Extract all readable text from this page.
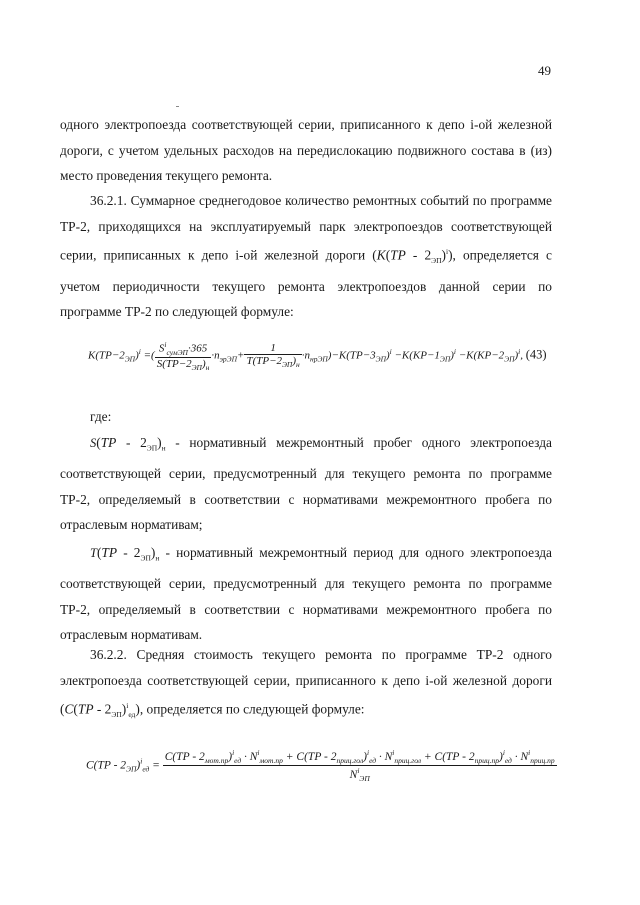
49

одного электропоезда соответствующей серии, приписанного к депо i-ой железной дороги, с учетом удельных расходов на передислокацию подвижного состава в (из) место проведения текущего ремонта.

36.2.1. Суммарное среднегодовое количество ремонтных событий по программе ТР-2, приходящихся на эксплуатируемый парк электропоездов соответствующей серии, приписанных к депо i-ой железной дороги $(K(TP - 2_{ЭП})^i)$, определяется с учетом периодичности текущего ремонта электропоездов данной серии по программе ТР-2 по следующей формуле:

$K(TP-2_{ЭП})^i$ =( $\frac{S^i_{сумЭП}\cdot 365}{S(TP-2_{ЭП})_н} \cdot n_{эрЭП}+ \frac{1}{T(TP-2_{ЭП})_н} \cdot n_{нрЭП})-K(TP-3_{ЭП})^i -K(KP-1_{ЭП})^i -K(KP-2_{ЭП})^i$, (43)

где:

$S(TP - 2_{ЭП})_н$ - нормативный межремонтный пробег одного электропоезда соответствующей серии, предусмотренный для текущего ремонта по программе ТР-2, определяемый в соответствии с нормативами межремонтного пробега по отраслевым нормативам;

$T(TP - 2_{ЭП})_н$ - нормативный межремонтный период для одного электропоезда соответствующей серии, предусмотренный для текущего ремонта по программе ТР-2, определяемый в соответствии с нормативами межремонтного пробега по отраслевым нормативам.

36.2.2. Средняя стоимость текущего ремонта по программе ТР-2 одного электропоезда соответствующей серии, приписанного к депо i-ой железной дороги $(C(TP - 2_{ЭП})^i_{ед})$, определяется по следующей формуле:

$C(TP - 2_{ЭП})^i_{ед}$ =
$C(TP - 2_{мот.пр})^i_{ед} \cdot N^i_{мот.пр} + C(TP - 2_{приц.гол})^i_{ед} \cdot N^i_{приц.гол} + C(TP - 2_{приц.пр})^i_{ед} \cdot N^i_{приц.пр}$
$N^i_{ЭП}$
